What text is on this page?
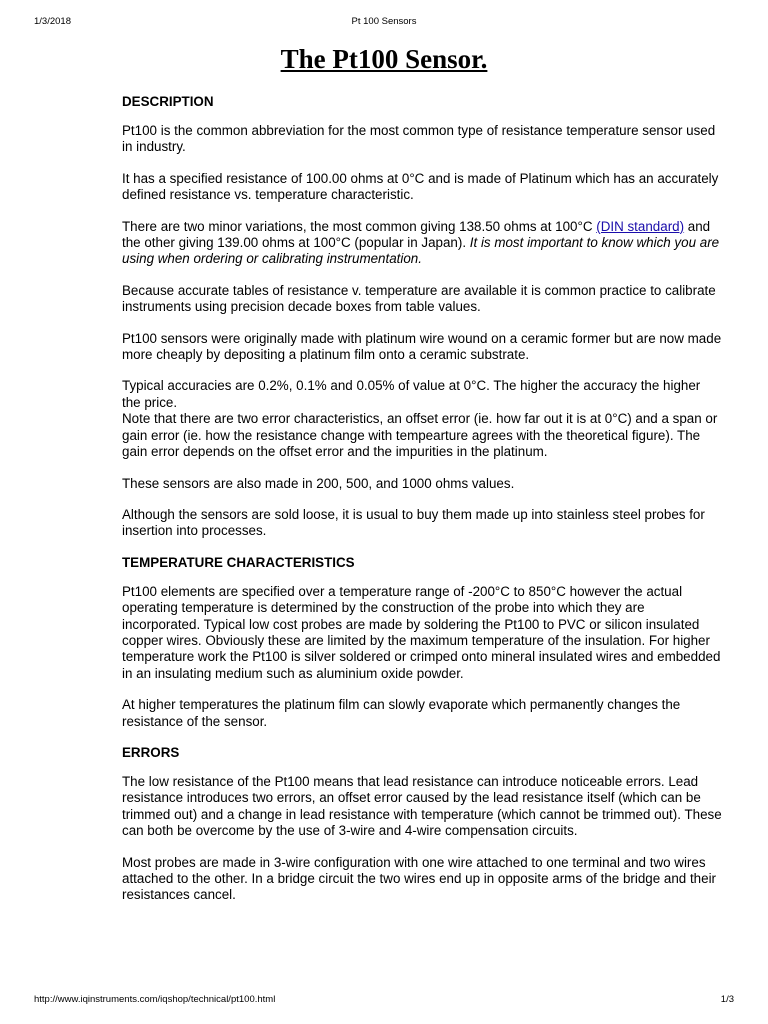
1/3/2018	Pt 100 Sensors
The Pt100 Sensor.
DESCRIPTION

Pt100 is the common abbreviation for the most common type of resistance temperature sensor used in industry.

It has a specified resistance of 100.00 ohms at 0°C and is made of Platinum which has an accurately defined resistance vs. temperature characteristic.

There are two minor variations, the most common giving 138.50 ohms at 100°C (DIN standard) and the other giving 139.00 ohms at 100°C (popular in Japan). It is most important to know which you are using when ordering or calibrating instrumentation.

Because accurate tables of resistance v. temperature are available it is common practice to calibrate instruments using precision decade boxes from table values.

Pt100 sensors were originally made with platinum wire wound on a ceramic former but are now made more cheaply by depositing a platinum film onto a ceramic substrate.

Typical accuracies are 0.2%, 0.1% and 0.05% of value at 0°C. The higher the accuracy the higher the price.

Note that there are two error characteristics, an offset error (ie. how far out it is at 0°C) and a span or gain error (ie. how the resistance change with tempearture agrees with the theoretical figure). The gain error depends on the offset error and the impurities in the platinum.

These sensors are also made in 200, 500, and 1000 ohms values.

Although the sensors are sold loose, it is usual to buy them made up into stainless steel probes for insertion into processes.

TEMPERATURE CHARACTERISTICS

Pt100 elements are specified over a temperature range of -200°C to 850°C however the actual operating temperature is determined by the construction of the probe into which they are incorporated. Typical low cost probes are made by soldering the Pt100 to PVC or silicon insulated copper wires. Obviously these are limited by the maximum temperature of the insulation. For higher temperature work the Pt100 is silver soldered or crimped onto mineral insulated wires and embedded in an insulating medium such as aluminium oxide powder.

At higher temperatures the platinum film can slowly evaporate which permanently changes the resistance of the sensor.

ERRORS

The low resistance of the Pt100 means that lead resistance can introduce noticeable errors. Lead resistance introduces two errors, an offset error caused by the lead resistance itself (which can be trimmed out) and a change in lead resistance with temperature (which cannot be trimmed out). These can both be overcome by the use of 3-wire and 4-wire compensation circuits.

Most probes are made in 3-wire configuration with one wire attached to one terminal and two wires attached to the other. In a bridge circuit the two wires end up in opposite arms of the bridge and their resistances cancel.

http://www.iqinstruments.com/iqshop/technical/pt100.html	1/3
